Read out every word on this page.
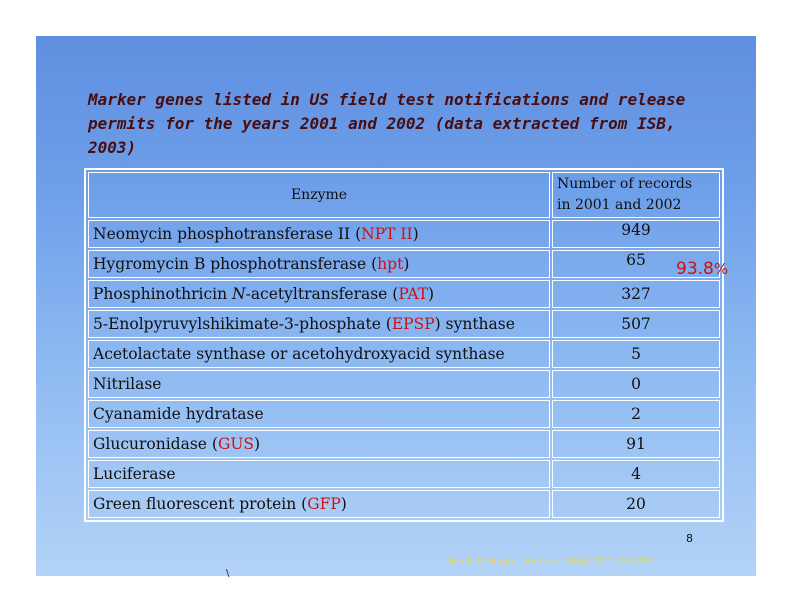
Marker genes listed in US field test notifications and release permits for the years 2001 and 2002 (data extracted from ISB, 2003)
Enzyme	Number of records
in 2001 and 2002
Neomycin phosphotransferase II (NPT II)	949
Hygromycin B phosphotransferase (hpt)	65
Phosphinothricin N-acetyltransferase (PAT)	327
5-Enolpyruvylshikimate-3-phosphate (EPSP) synthase	507
Acetolactate synthase or acetohydroxyacid synthase	5
Nitrilase	0
Cyanamide hydratase	2
Glucuronidase (GUS)	91
Luciferase	4
Green fluorescent protein (GFP)	20
93.8%
8
Miki & McHugh J. Biotech. 2004; 107: 193-232
\
